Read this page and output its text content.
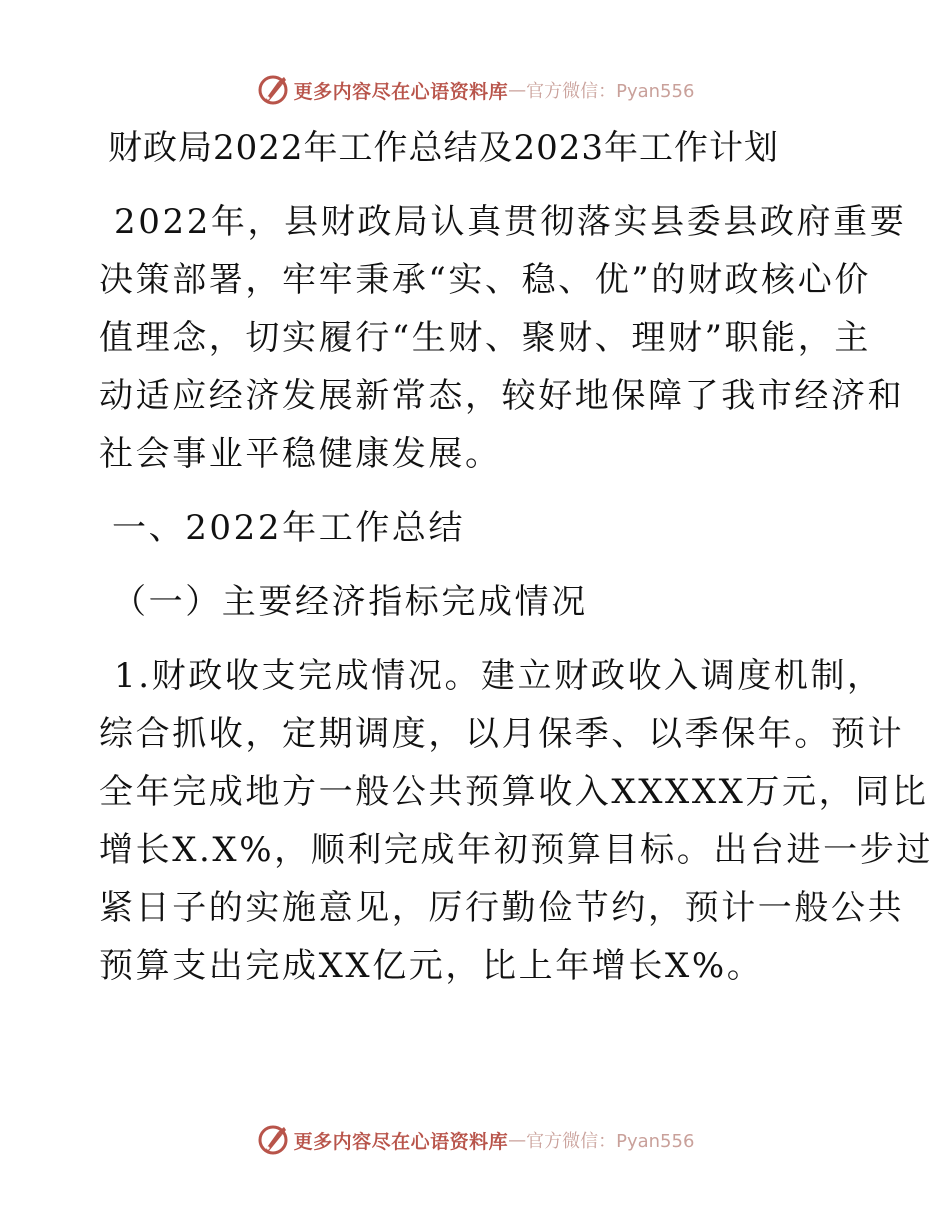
更多内容尽在心语资料库 — 官方微信：Pyan556
财政局2022年工作总结及2023年工作计划
2022年，县财政局认真贯彻落实县委县政府重要
决策部署，牢牢秉承“实、稳、优”的财政核心价
值理念，切实履行“生财、聚财、理财”职能，主
动适应经济发展新常态，较好地保障了我市经济和
社会事业平稳健康发展。
一、2022年工作总结
（一）主要经济指标完成情况
1.财政收支完成情况。建立财政收入调度机制，
综合抓收，定期调度，以月保季、以季保年。预计
全年完成地方一般公共预算收入XXXXX万元，同比
增长X.X%，顺利完成年初预算目标。出台进一步过
紧日子的实施意见，厉行勤俭节约，预计一般公共
预算支出完成XX亿元，比上年增长X%。
更多内容尽在心语资料库 — 官方微信：Pyan556
